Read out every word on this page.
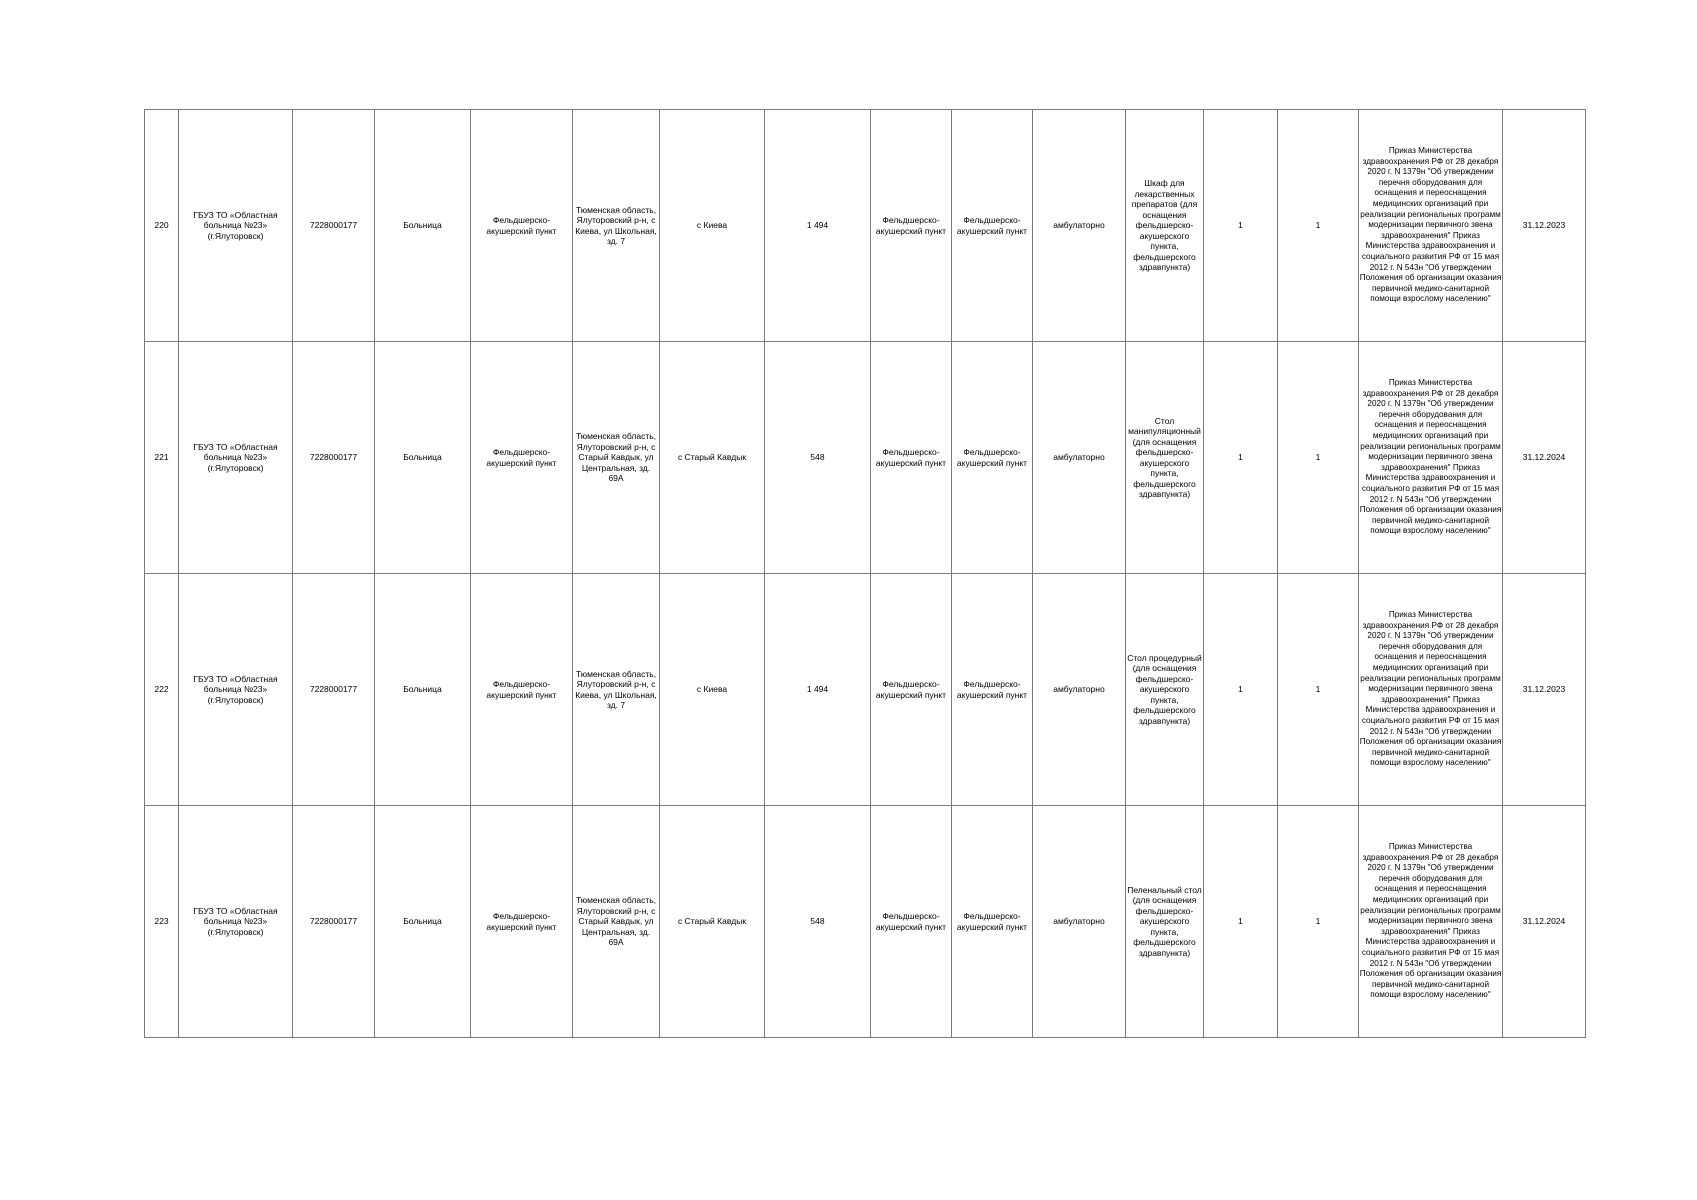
220	ГБУЗ ТО «Областная больница №23» (г.Ялуторовск)	7228000177	Больница	Фельдшерско-акушерский пункт	Тюменская область, Ялуторовский р-н, с Киева, ул Школьная, зд. 7	с Киева	1 494	Фельдшерско-акушерский пункт	Фельдшерско-акушерский пункт	амбулаторно	Шкаф для лекарственных препаратов (для оснащения фельдшерско-акушерского пункта, фельдшерского здравпункта)	1	1	Приказ Министерства здравоохранения РФ от 28 декабря 2020 г. N 1379н "Об утверждении перечня оборудования для оснащения и переоснащения медицинских организаций при реализации региональных программ модернизации первичного звена здравоохранения" Приказ Министерства здравоохранения и социального развития РФ от 15 мая 2012 г. N 543н "Об утверждении Положения об организации оказания первичной медико-санитарной помощи взрослому населению"	31.12.2023
221	ГБУЗ ТО «Областная больница №23» (г.Ялуторовск)	7228000177	Больница	Фельдшерско-акушерский пункт	Тюменская область, Ялуторовский р-н, с Старый Кавдык, ул Центральная, зд. 69А	с Старый Кавдык	548	Фельдшерско-акушерский пункт	Фельдшерско-акушерский пункт	амбулаторно	Стол манипуляционный (для оснащения фельдшерско-акушерского пункта, фельдшерского здравпункта)	1	1	Приказ Министерства здравоохранения РФ от 28 декабря 2020 г. N 1379н "Об утверждении перечня оборудования для оснащения и переоснащения медицинских организаций при реализации региональных программ модернизации первичного звена здравоохранения" Приказ Министерства здравоохранения и социального развития РФ от 15 мая 2012 г. N 543н "Об утверждении Положения об организации оказания первичной медико-санитарной помощи взрослому населению"	31.12.2024
222	ГБУЗ ТО «Областная больница №23» (г.Ялуторовск)	7228000177	Больница	Фельдшерско-акушерский пункт	Тюменская область, Ялуторовский р-н, с Киева, ул Школьная, зд. 7	с Киева	1 494	Фельдшерско-акушерский пункт	Фельдшерско-акушерский пункт	амбулаторно	Стол процедурный (для оснащения фельдшерско-акушерского пункта, фельдшерского здравпункта)	1	1	Приказ Министерства здравоохранения РФ от 28 декабря 2020 г. N 1379н "Об утверждении перечня оборудования для оснащения и переоснащения медицинских организаций при реализации региональных программ модернизации первичного звена здравоохранения" Приказ Министерства здравоохранения и социального развития РФ от 15 мая 2012 г. N 543н "Об утверждении Положения об организации оказания первичной медико-санитарной помощи взрослому населению"	31.12.2023
223	ГБУЗ ТО «Областная больница №23» (г.Ялуторовск)	7228000177	Больница	Фельдшерско-акушерский пункт	Тюменская область, Ялуторовский р-н, с Старый Кавдык, ул Центральная, зд. 69А	с Старый Кавдык	548	Фельдшерско-акушерский пункт	Фельдшерско-акушерский пункт	амбулаторно	Пеленальный стол (для оснащения фельдшерско-акушерского пункта, фельдшерского здравпункта)	1	1	Приказ Министерства здравоохранения РФ от 28 декабря 2020 г. N 1379н "Об утверждении перечня оборудования для оснащения и переоснащения медицинских организаций при реализации региональных программ модернизации первичного звена здравоохранения" Приказ Министерства здравоохранения и социального развития РФ от 15 мая 2012 г. N 543н "Об утверждении Положения об организации оказания первичной медико-санитарной помощи взрослому населению"	31.12.2024
